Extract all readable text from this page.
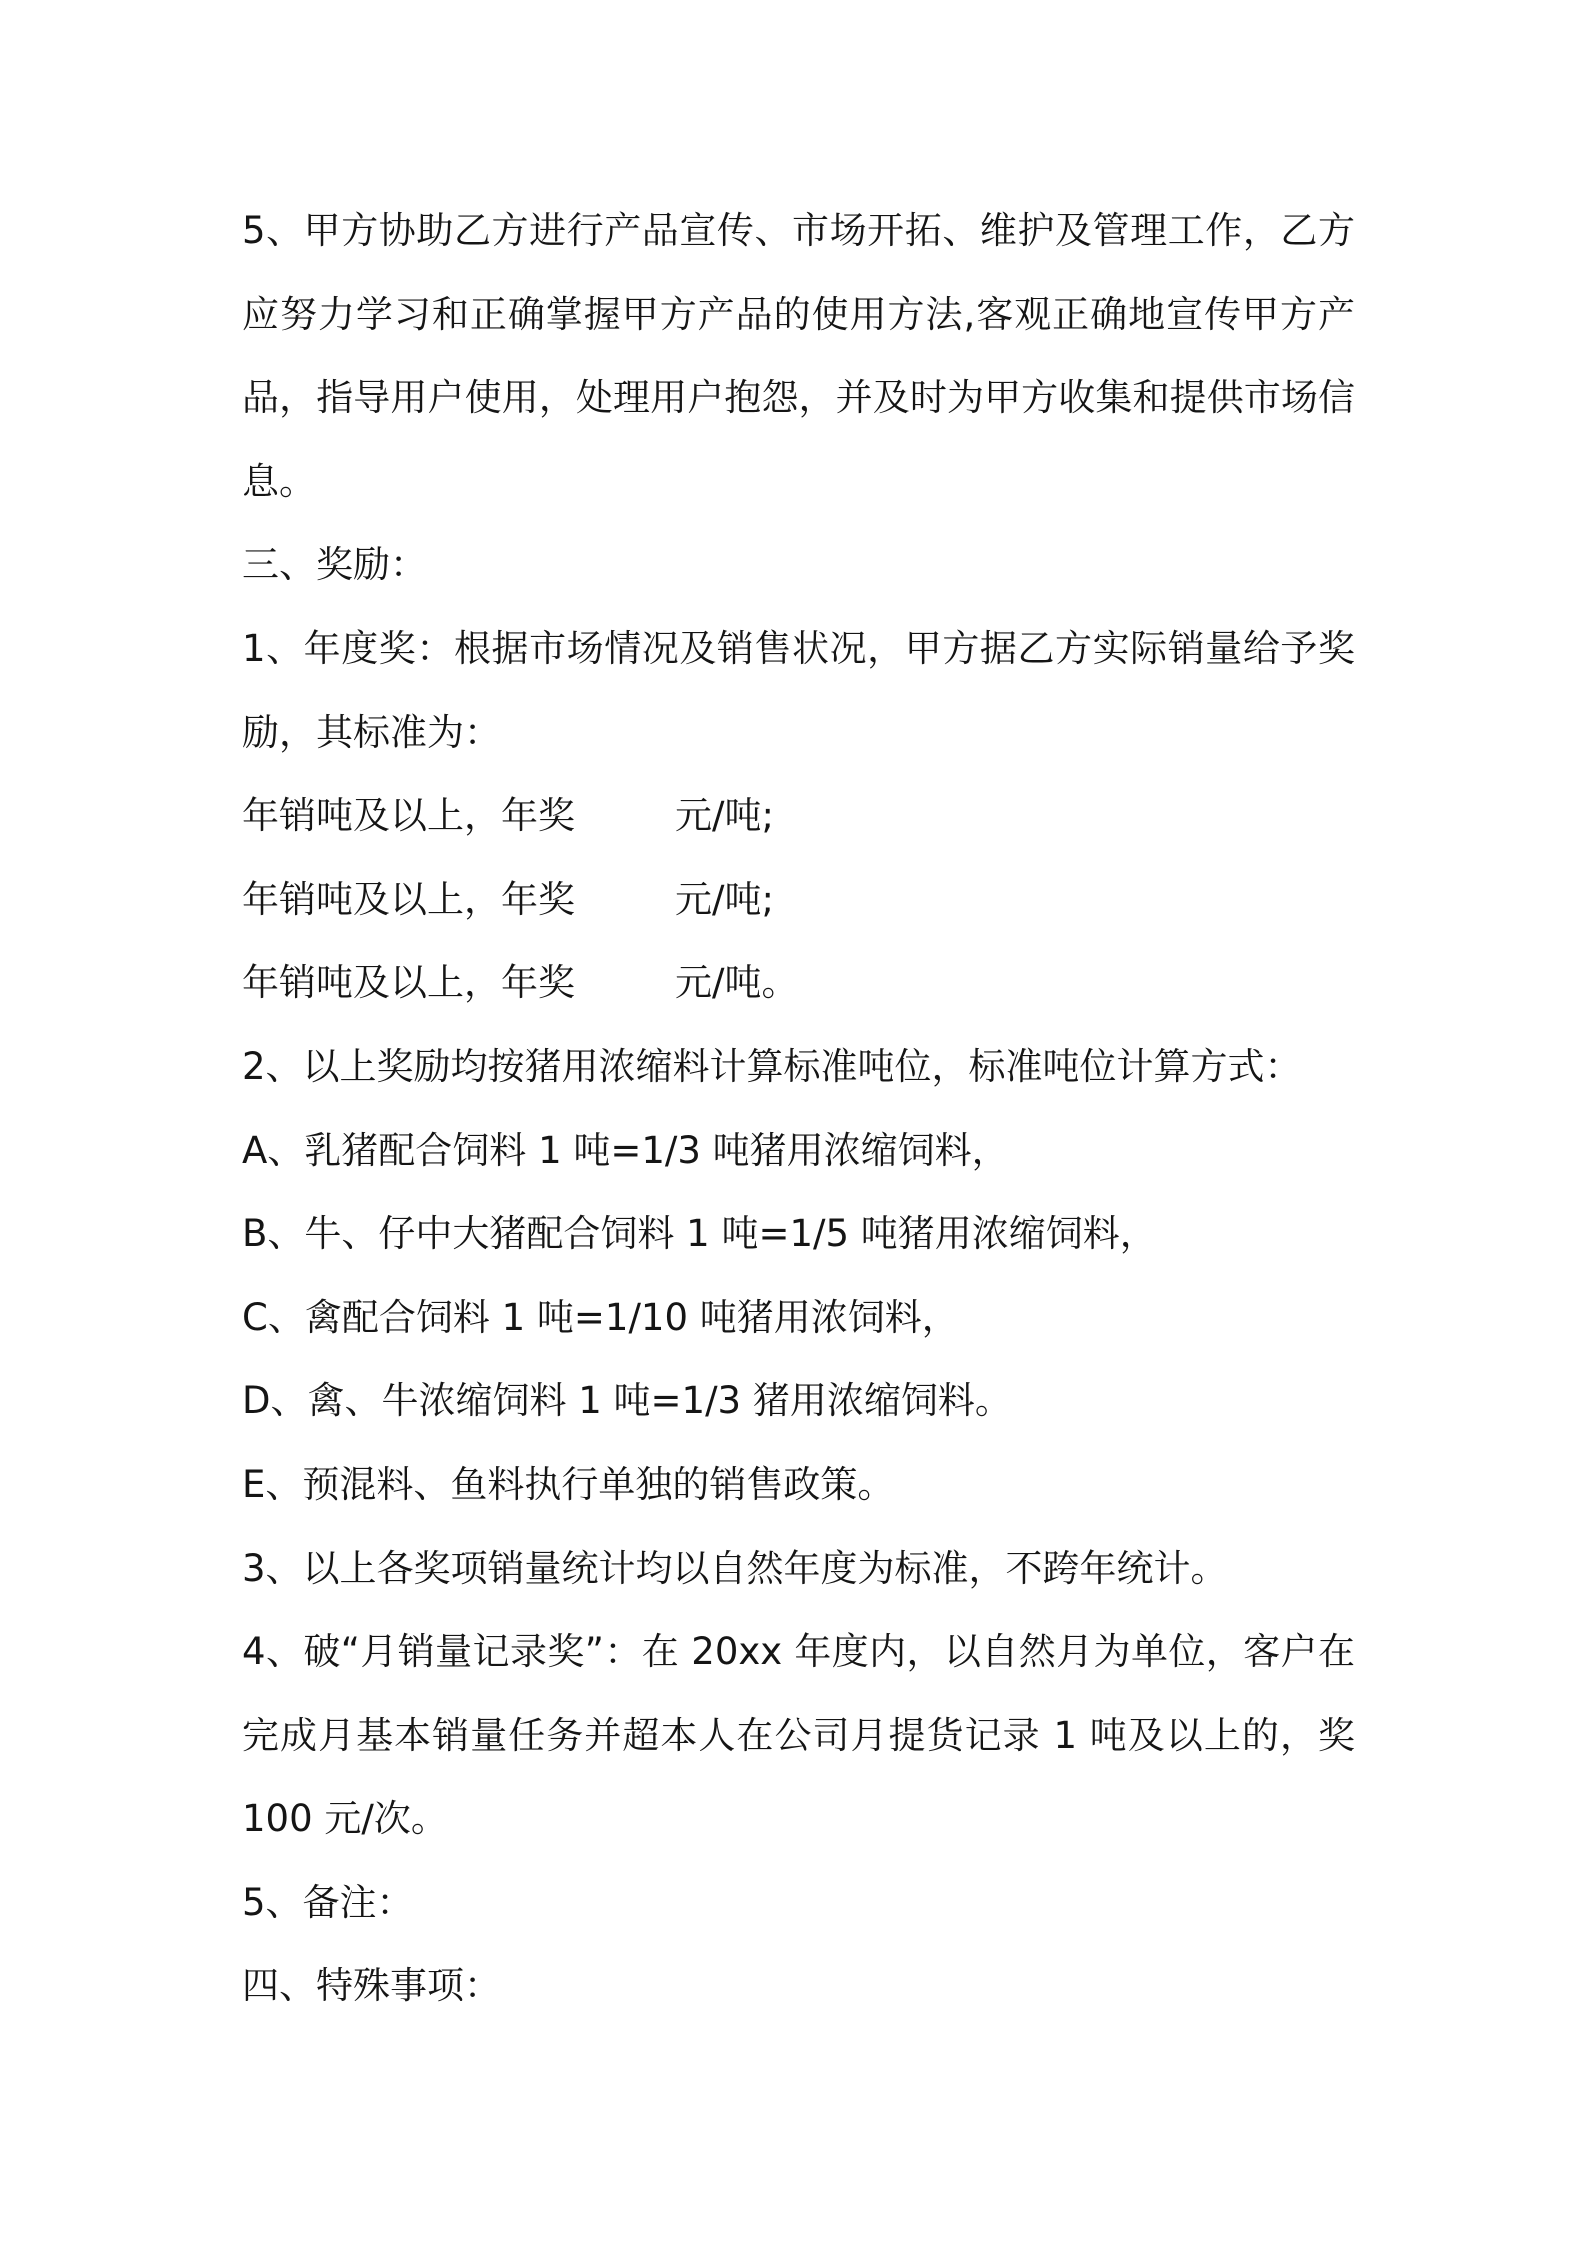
5、甲方协助乙方进行产品宣传、市场开拓、维护及管理工作，乙方
应努力学习和正确掌握甲方产品的使用方法,客观正确地宣传甲方产
品，指导用户使用，处理用户抱怨，并及时为甲方收集和提供市场信
息。
三、奖励：
1、年度奖：根据市场情况及销售状况，甲方据乙方实际销量给予奖
励，其标准为：
年销吨及以上，年奖	元/吨;
年销吨及以上，年奖	元/吨;
年销吨及以上，年奖	元/吨。
2、以上奖励均按猪用浓缩料计算标准吨位，标准吨位计算方式：
A、乳猪配合饲料 1 吨=1/3 吨猪用浓缩饲料，
B、牛、仔中大猪配合饲料 1 吨=1/5 吨猪用浓缩饲料，
C、禽配合饲料 1 吨=1/10 吨猪用浓饲料，
D、禽、牛浓缩饲料 1 吨=1/3 猪用浓缩饲料。
E、预混料、鱼料执行单独的销售政策。
3、以上各奖项销量统计均以自然年度为标准，不跨年统计。
4、破“月销量记录奖”：在 20xx 年度内，以自然月为单位，客户在
完成月基本销量任务并超本人在公司月提货记录 1 吨及以上的，奖
100 元/次。
5、备注：
四、特殊事项：
